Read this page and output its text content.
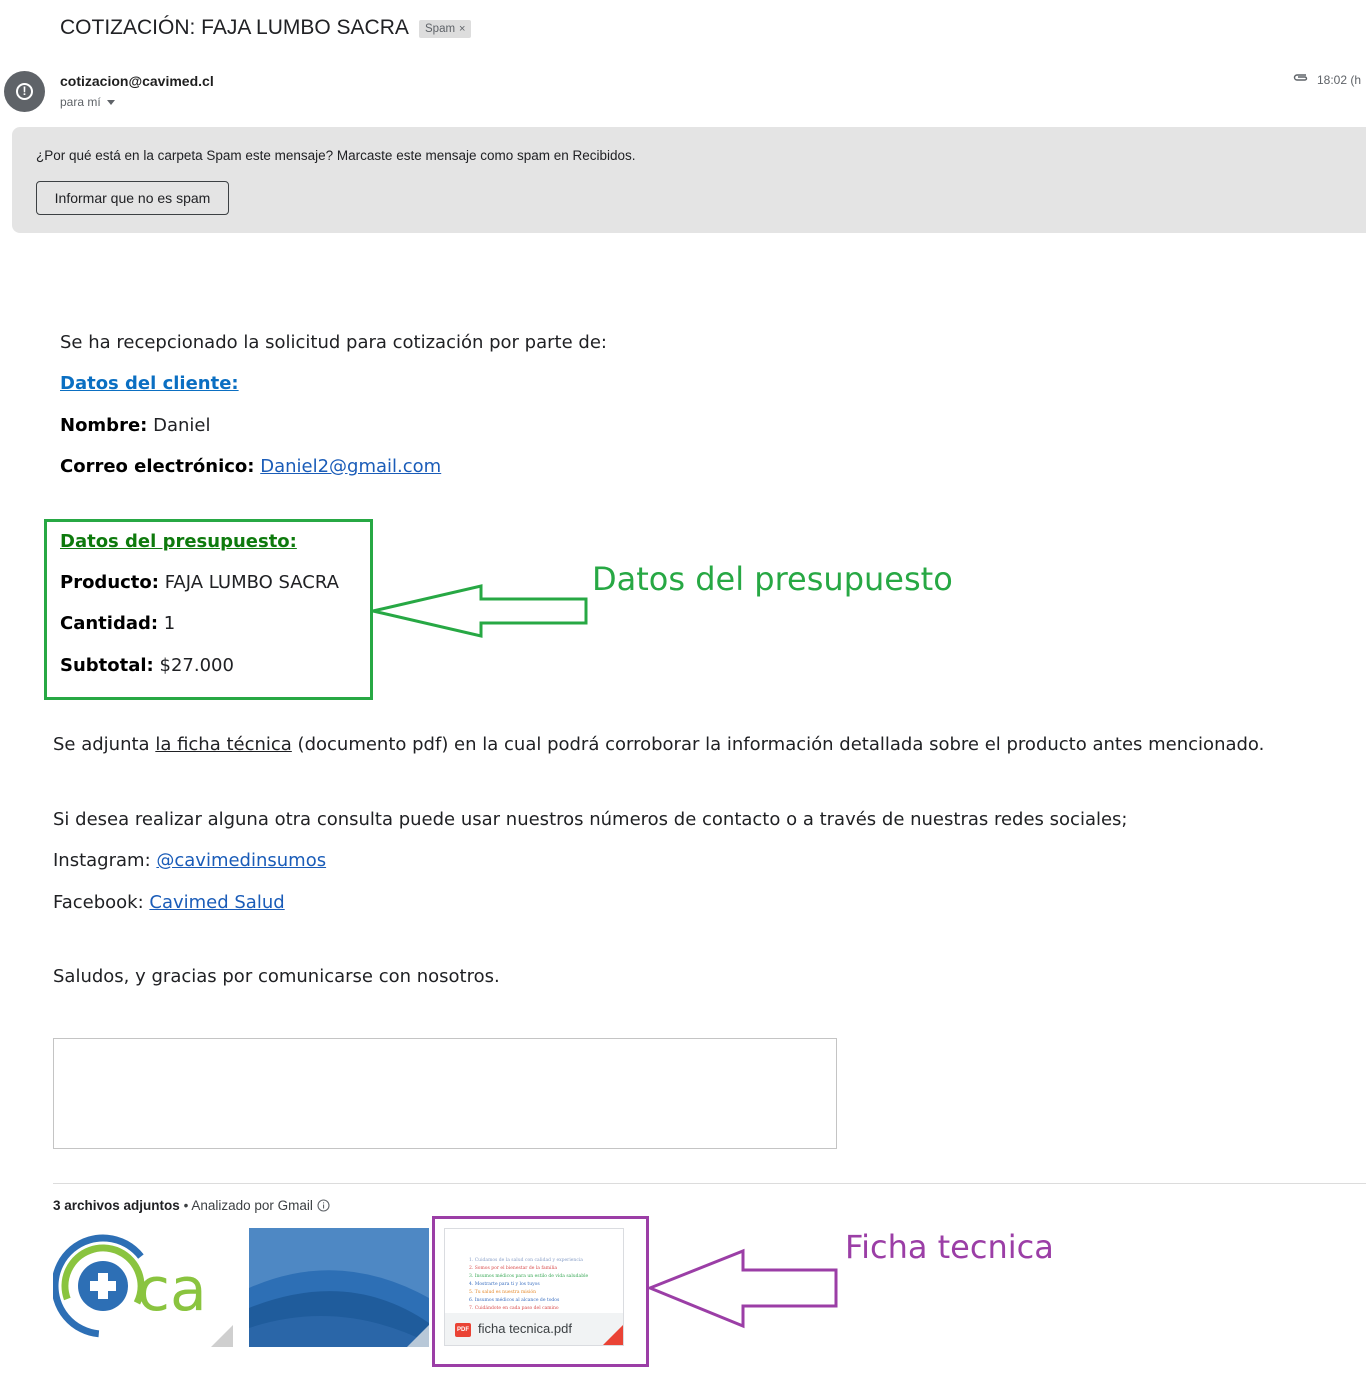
COTIZACIÓN: FAJA LUMBO SACRA	Spam ×
!
cotizacion@cavimed.cl
para mí
18:02 (h
¿Por qué está en la carpeta Spam este mensaje? Marcaste este mensaje como spam en Recibidos.
Informar que no es spam
Se ha recepcionado la solicitud para cotización por parte de:
Datos del cliente:
Nombre: Daniel
Correo electrónico: Daniel2@gmail.com
Datos del presupuesto:
Producto: FAJA LUMBO SACRA
Cantidad: 1
Subtotal: $27.000
Datos del presupuesto
Se adjunta la ficha técnica (documento pdf) en la cual podrá corroborar la información detallada sobre el producto antes mencionado.
Si desea realizar alguna otra consulta puede usar nuestros números de contacto o a través de nuestras redes sociales;
Instagram: @cavimedinsumos
Facebook: Cavimed Salud
Saludos, y gracias por comunicarse con nosotros.
3 archivos adjuntos • Analizado por Gmail
ca	1. Cuidamos de la salud con calidad y experiencia
2. Somos por el bienestar de la familia
3. Insumos médicos para un estilo de vida saludable
4. Mostrarte para ti y los tuyos
5. Tu salud es nuestra misión
6. Insumos médicos al alcance de todos
7. Cuidándote en cada paso del camino
PDF ficha tecnica.pdf
Ficha tecnica
